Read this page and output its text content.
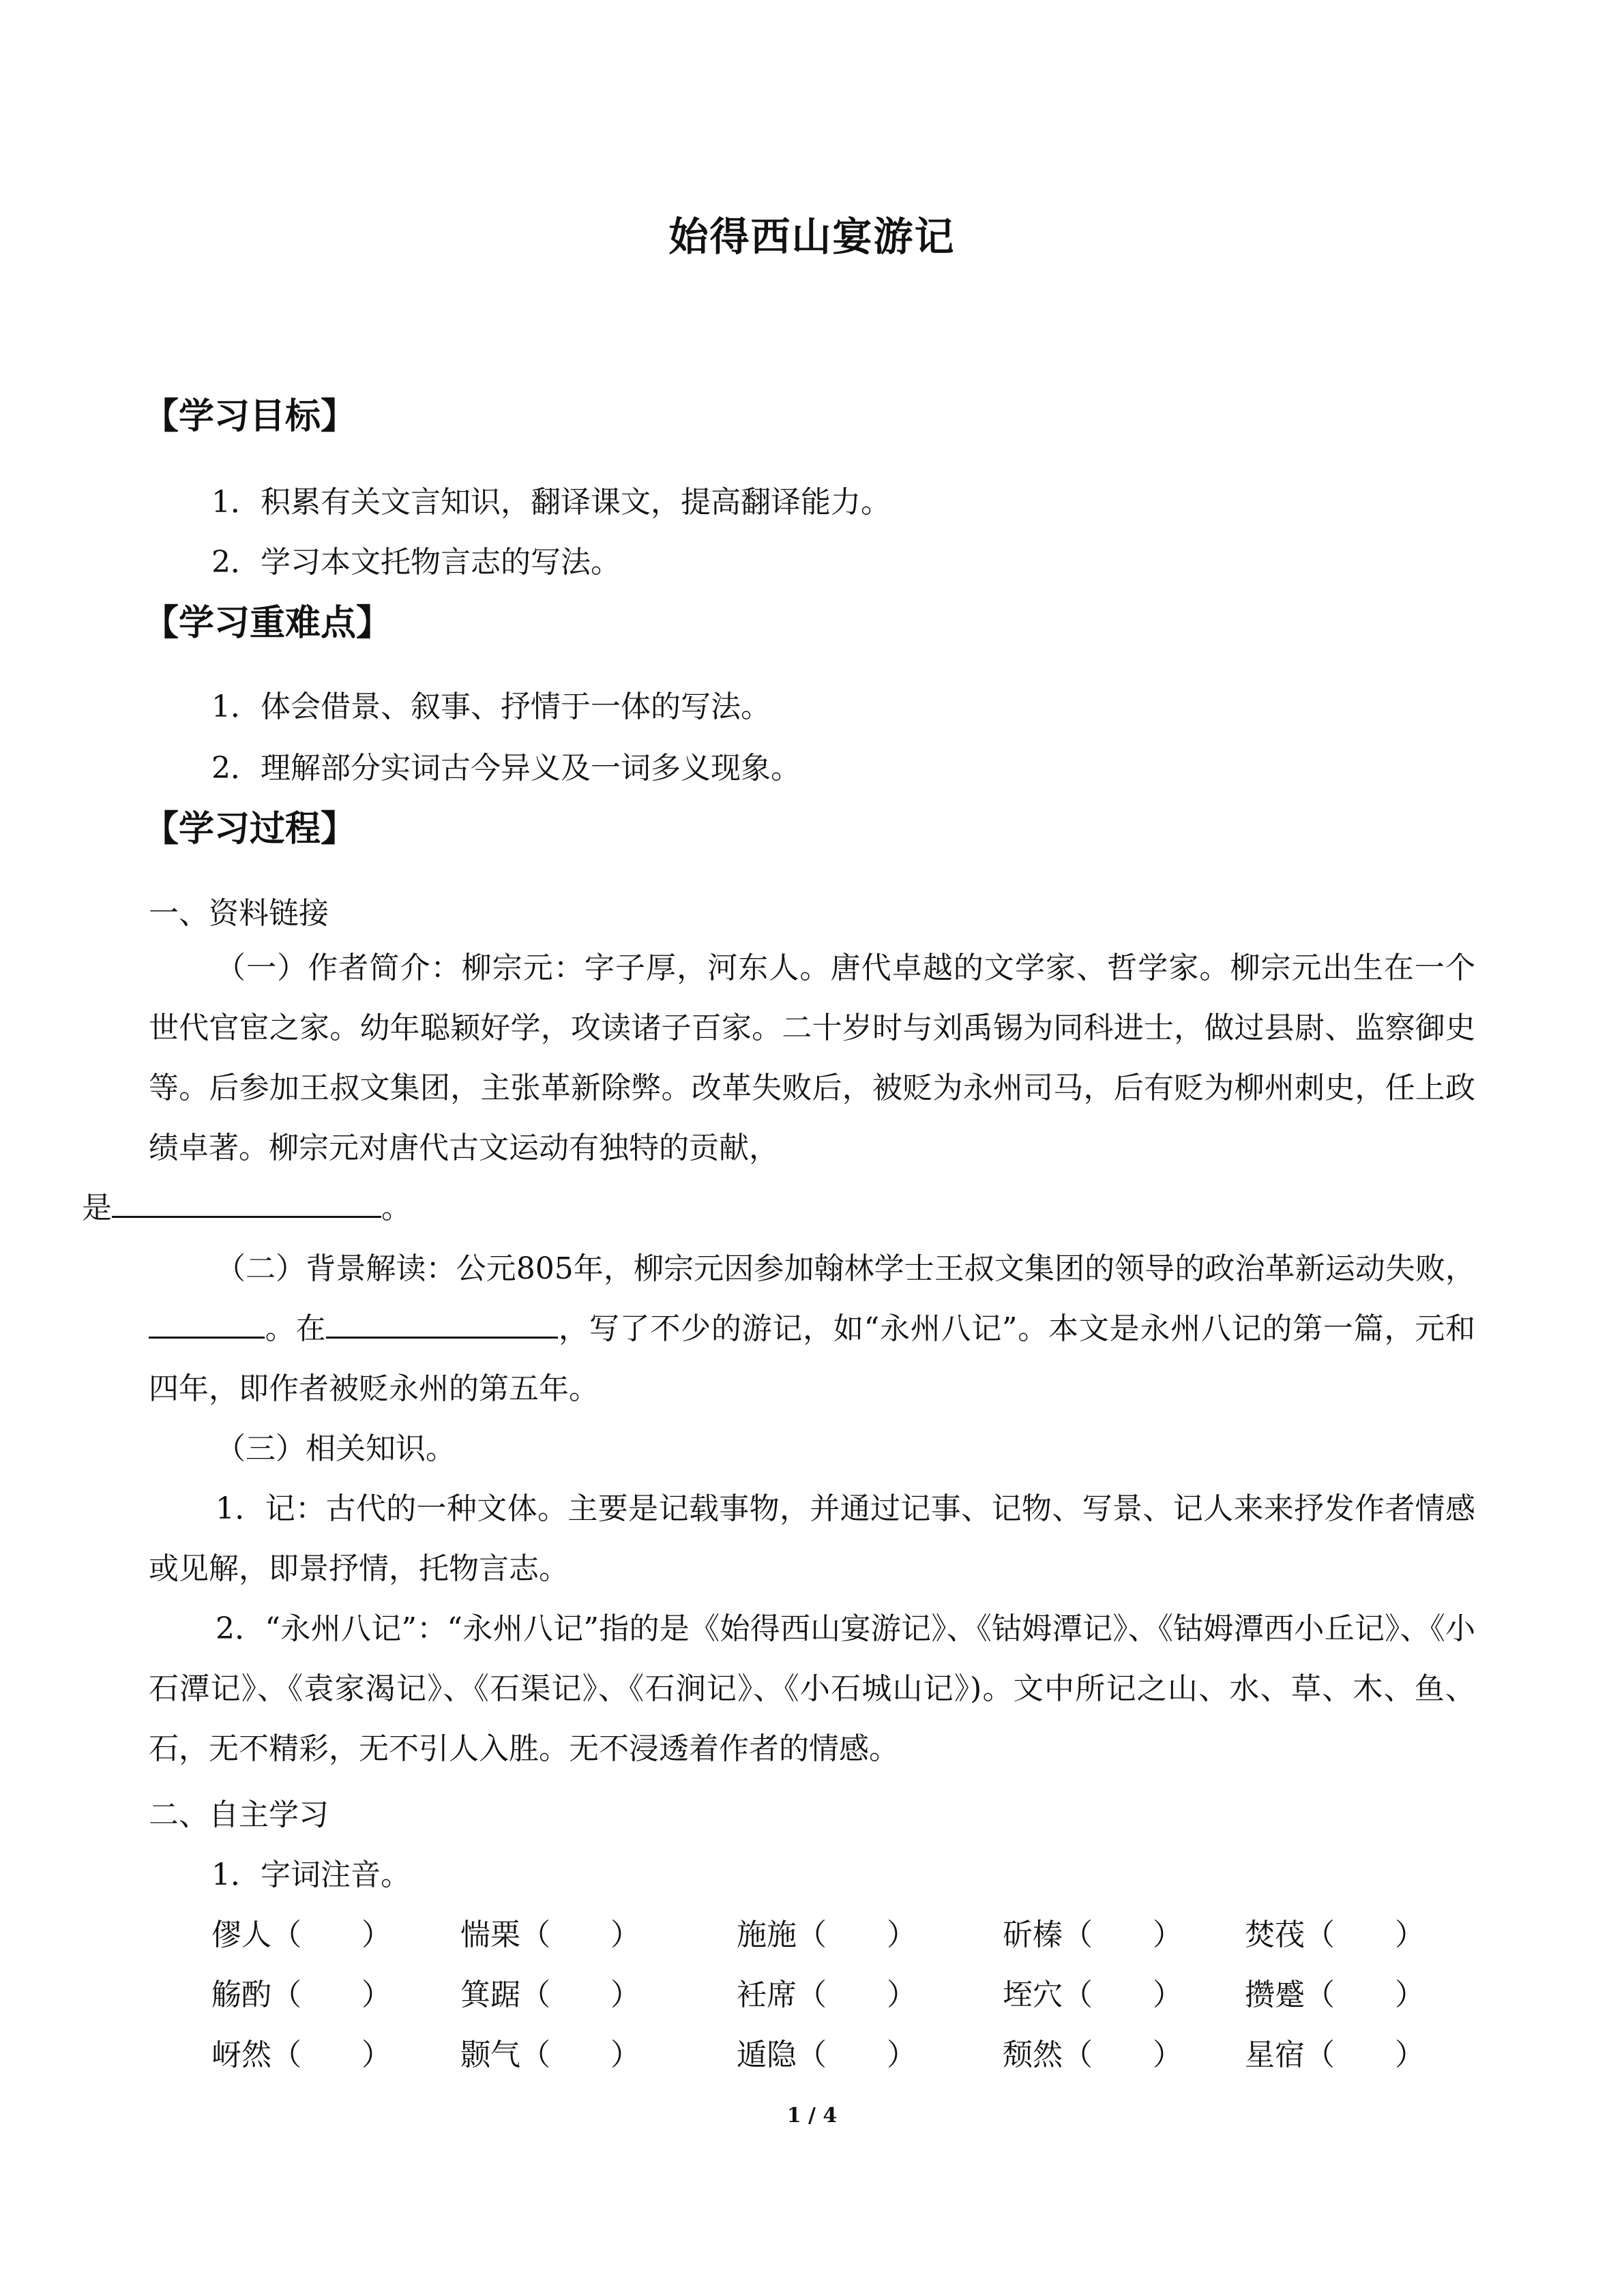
始得西山宴游记
【学习目标】
1．积累有关文言知识，翻译课文，提高翻译能力。
2．学习本文托物言志的写法。
【学习重难点】
1．体会借景、叙事、抒情于一体的写法。
2．理解部分实词古今异义及一词多义现象。
【学习过程】
一、资料链接
（一）作者简介：柳宗元：字子厚，河东人。唐代卓越的文学家、哲学家。柳宗元出生在一个世代官宦之家。幼年聪颖好学，攻读诸子百家。二十岁时与刘禹锡为同科进士，做过县尉、监察御史等。后参加王叔文集团，主张革新除弊。改革失败后，被贬为永州司马，后有贬为柳州刺史，任上政绩卓著。柳宗元对唐代古文运动有独特的贡献，
是	。
（二）背景解读：公元805年，柳宗元因参加翰林学士王叔文集团的领导的政治革新运动失败，。在	，写了不少的游记，如“永州八记”。本文是永州八记的第一篇，元和四年，即作者被贬永州的第五年。
（三）相关知识。
1．记：古代的一种文体。主要是记载事物，并通过记事、记物、写景、记人来来抒发作者情感或见解，即景抒情，托物言志。
2．“永州八记”：“永州八记”指的是《始得西山宴游记》、《钴姆潭记》、《钴姆潭西小丘记》、《小石潭记》、《袁家渴记》、《石渠记》、《石涧记》、《小石城山记》)。文中所记之山、水、草、木、鱼、石，无不精彩，无不引人入胜。无不浸透着作者的情感。
二、自主学习
1．字词注音。
僇人（　　）	惴栗（　　）	施施（　　）	斫榛（　　）	焚茷（　　）
觞酌（　　）	箕踞（　　）	衽席（　　）	垤穴（　　）	攒蹙（　　）
岈然（　　）	颢气（　　）	遁隐（　　）	颓然（　　）	星宿（　　）
1 / 4
